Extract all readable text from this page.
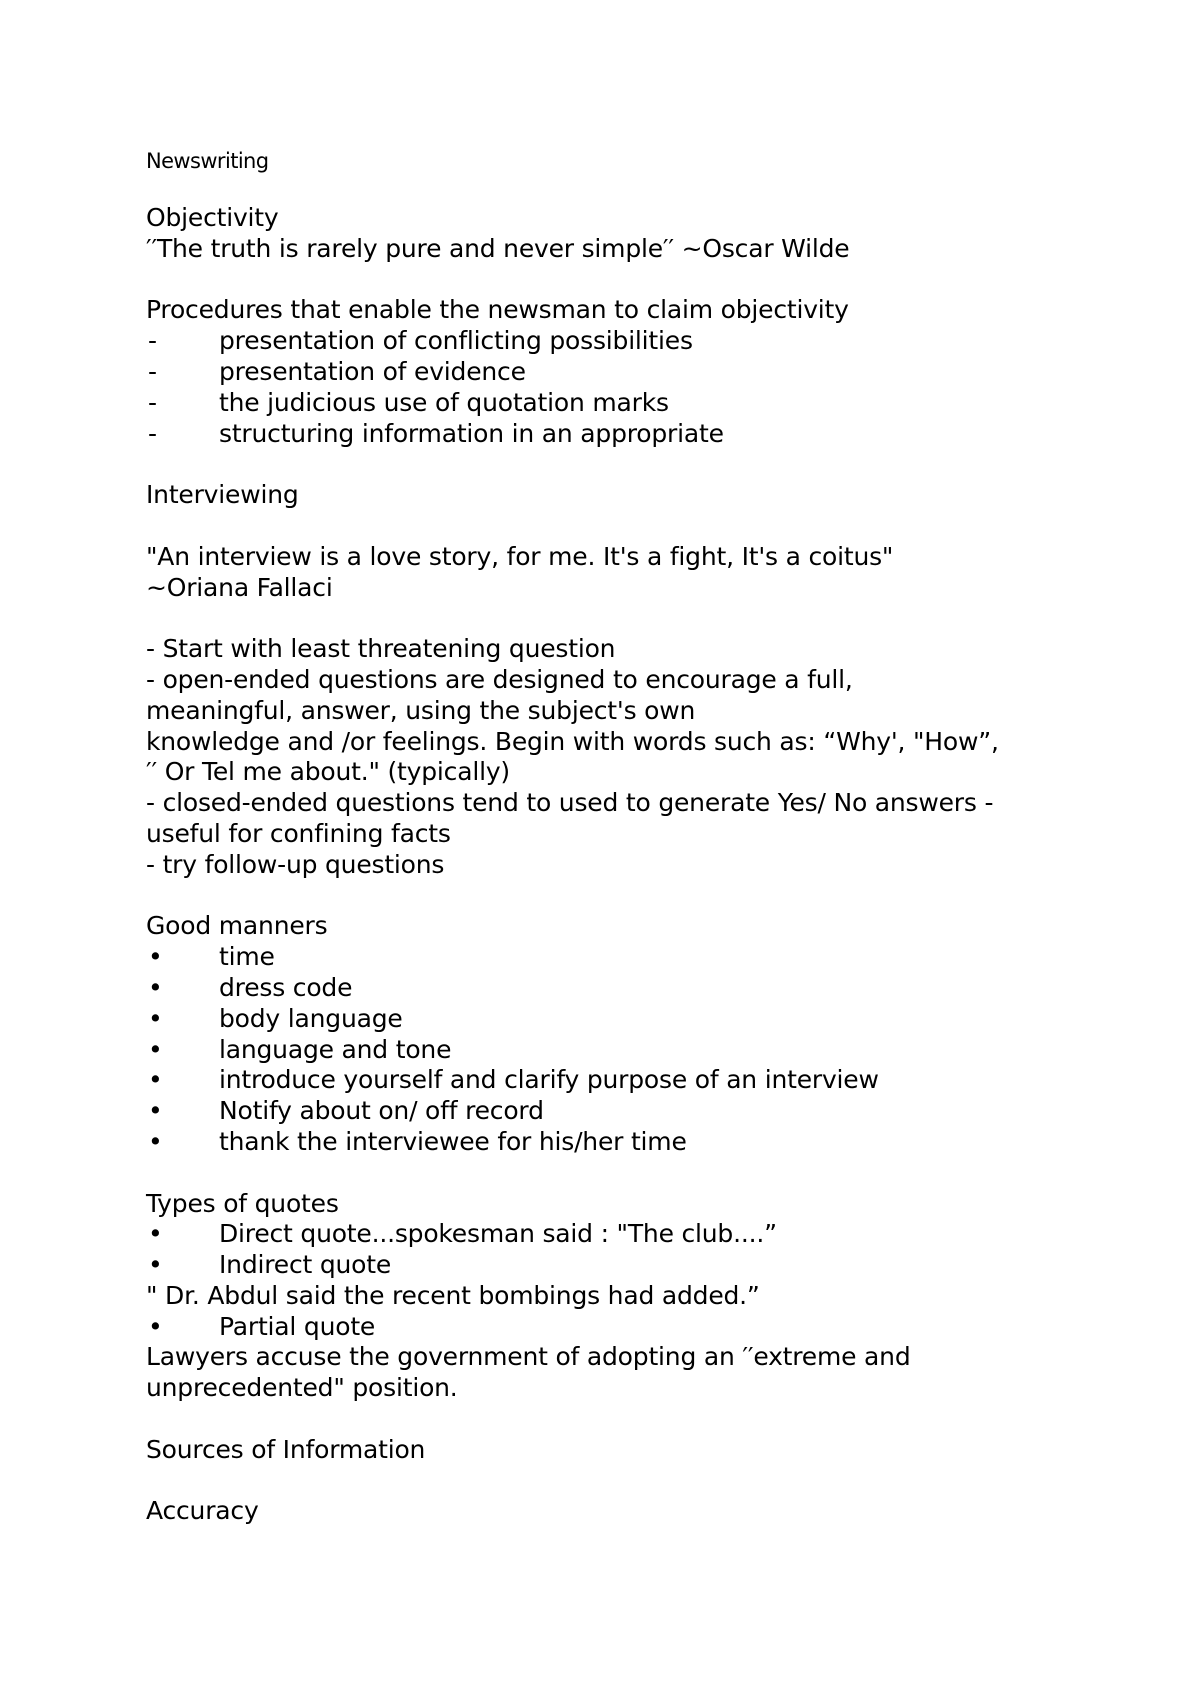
Newswriting
Objectivity
′′The truth is rarely pure and never simple′′ ~Oscar Wilde
Procedures that enable the newsman to claim objectivity
- presentation of conflicting possibilities
- presentation of evidence
- the judicious use of quotation marks
- structuring information in an appropriate
Interviewing
"An interview is a love story, for me. It's a fight, It's a coitus"
~Oriana Fallaci
- Start with least threatening question
- open-ended questions are designed to encourage a full,
meaningful, answer, using the subject's own
knowledge and /or feelings. Begin with words such as: “Why', "How”,
′′ Or Tel me about." (typically)
- closed-ended questions tend to used to generate Yes/ No answers -
useful for confining facts
- try follow-up questions
Good manners
• time
• dress code
• body language
• language and tone
• introduce yourself and clarify purpose of an interview
• Notify about on/ off record
• thank the interviewee for his/her time
Types of quotes
• Direct quote...spokesman said : "The club....”
• Indirect quote
" Dr. Abdul said the recent bombings had added.”
• Partial quote
Lawyers accuse the government of adopting an ′′extreme and
unprecedented" position.
Sources of Information
Accuracy
